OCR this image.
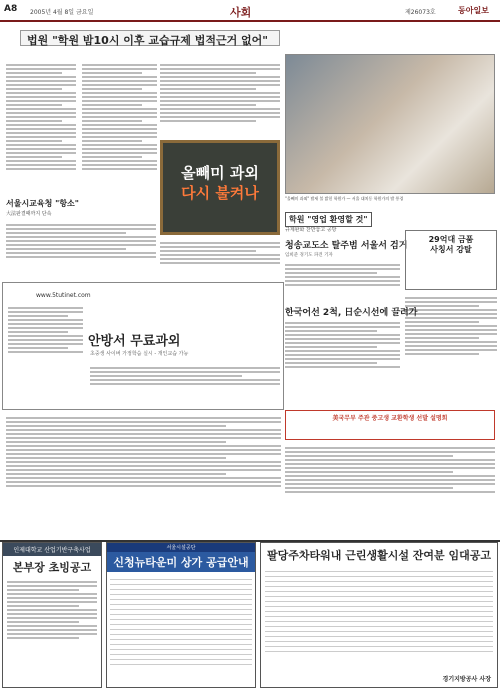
A8 2005년 4월 8일 금요일	사회	제26073호	동아일보
법원 "학원 밤10시 이후 교습규제 법적근거 없어"
올빼미 과외
다시 불켜나
서울시교육청 "항소"
大法판결때까지 단속
학원 "영업 환영할 것"
규제완화 찬반놓고 공방
"올빼미 과외" 밤새 불 밝힌 학원가 — 서울 대치동 학원가의 밤 풍경
청송교도소 탈주범 서울서 검거
임희준 경기도 파견 기자
29억대 금품
사칭서 강탈
한국어선 2척, 日순시선에 끌려가
美국무부 주관 중고생 교환학생 선발 설명회
www.5tutinet.com
안방서 무료과외
초중생 사이버 가정학습 실시 - 개인교습 가능
인제대학교 산업기반구축사업
본부장 초빙공고
서울시설공단
신청뉴타운미 상가 공급안내
팔당주차타워내 근린생활시설 잔여분 임대공고
경기지방공사 사장
